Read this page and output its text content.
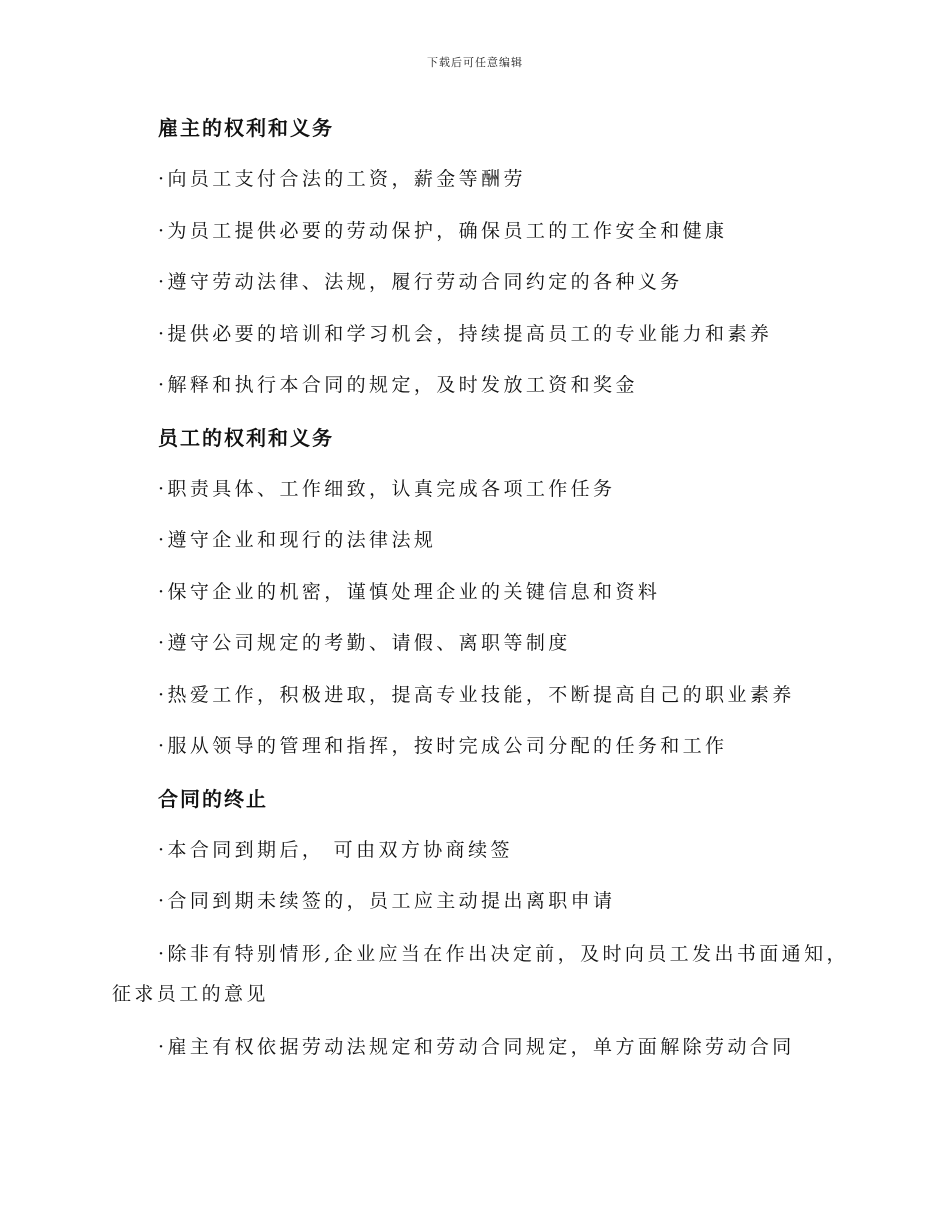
下载后可任意编辑
雇主的权利和义务
·向员工支付合法的工资，薪金等酬劳
·为员工提供必要的劳动保护，确保员工的工作安全和健康
·遵守劳动法律、法规，履行劳动合同约定的各种义务
·提供必要的培训和学习机会，持续提高员工的专业能力和素养
·解释和执行本合同的规定，及时发放工资和奖金
员工的权利和义务
·职责具体、工作细致，认真完成各项工作任务
·遵守企业和现行的法律法规
·保守企业的机密，谨慎处理企业的关键信息和资料
·遵守公司规定的考勤、请假、离职等制度
·热爱工作，积极进取，提高专业技能，不断提高自己的职业素养
·服从领导的管理和指挥，按时完成公司分配的任务和工作
合同的终止
·本合同到期后， 可由双方协商续签
·合同到期未续签的，员工应主动提出离职申请
·除非有特别情形,企业应当在作出决定前，及时向员工发出书面通知，
征求员工的意见
·雇主有权依据劳动法规定和劳动合同规定，单方面解除劳动合同
